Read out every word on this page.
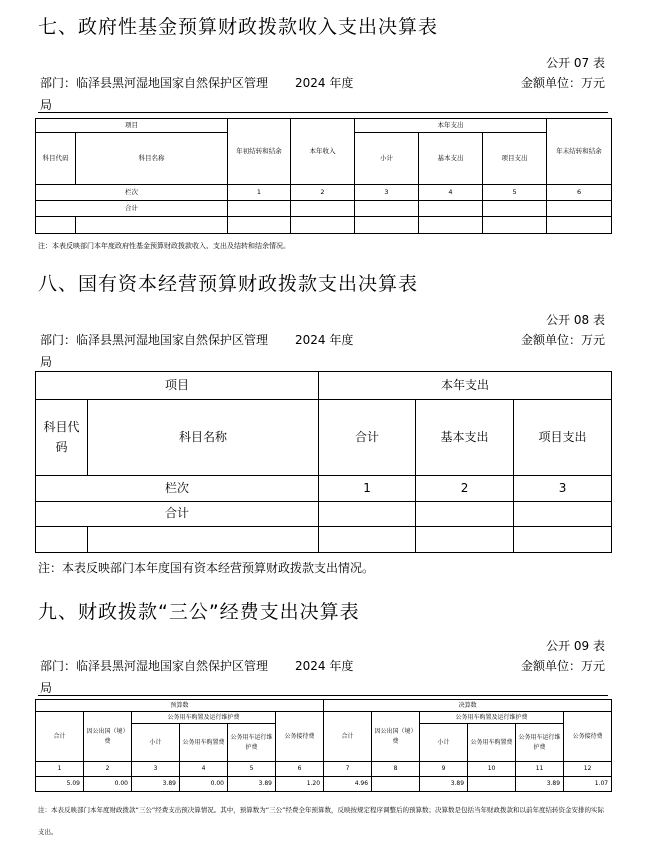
七、政府性基金预算财政拨款收入支出决算表
公开 07 表
部门：临泽县黑河湿地国家自然保护区管理局
2024 年度	金额单位：万元
项目		年初结转和结余	本年收入	本年支出			年末结转和结余
科目代码	科目名称			小计	基本支出	项目支出	
栏次		1	2	3	4	5	6
合计							

注：本表反映部门本年度政府性基金预算财政拨款收入、支出及结转和结余情况。
八、国有资本经营预算财政拨款支出决算表
公开 08 表
部门：临泽县黑河湿地国家自然保护区管理局
2024 年度	金额单位：万元
项目		本年支出		
科目代码	科目名称	合计	基本支出	项目支出
栏次		1	2	3
合计				

注：本表反映部门本年度国有资本经营预算财政拨款支出情况。
九、财政拨款“三公”经费支出决算表
公开 09 表
部门：临泽县黑河湿地国家自然保护区管理局
2024 年度	金额单位：万元
预算数						决算数					
合计	因公出国（境）费	公务用车购置及运行维护费			公务接待费	合计	因公出国（境）费	公务用车购置及运行维护费			公务接待费
		小计	公务用车购置费	公务用车运行维护费				小计	公务用车购置费	公务用车运行维护费	
1	2	3	4	5	6	7	8	9	10	11	12
5.09	0.00	3.89	0.00	3.89	1.20	4.96		3.89		3.89	1.07
注：本表反映部门本年度财政拨款“三公”经费支出预决算情况。其中，预算数为“三公”经费全年预算数，反映按规定程序调整后的预算数；决算数是包括当年财政拨款和以前年度结转资金安排的实际支出。
